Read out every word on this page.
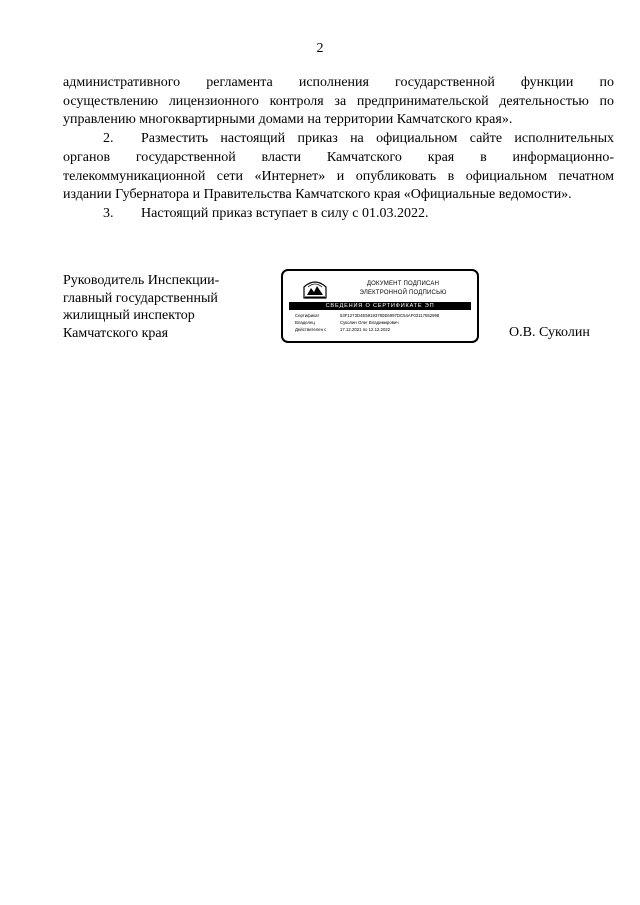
2

административного регламента исполнения государственной функции по

осуществлению лицензионного контроля за предпринимательской деятельностью по

управлению многоквартирными домами на территории Камчатского края».

2. Разместить настоящий приказ на официальном сайте исполнительных

органов государственной власти Камчатского края в информационно-

телекоммуникационной сети «Интернет» и опубликовать в официальном печатном

издании Губернатора и Правительства Камчатского края «Официальные ведомости».

3. Настоящий приказ вступает в силу с 01.03.2022.

Руководитель Инспекции-
главный государственный
жилищный инспектор
Камчатского края
ДОКУМЕНТ ПОДПИСАН
ЭЛЕКТРОННОЙ ПОДПИСЬЮ
СВЕДЕНИЯ О СЕРТИФИКАТЕ ЭП
Сертификат	53F1273D4E59193780E6997DC54AF03117552998
Владелец	Суколин Олег Владимирович
Действителен с	17.12.2021 по 12.12.2022	О.В. Суколин
